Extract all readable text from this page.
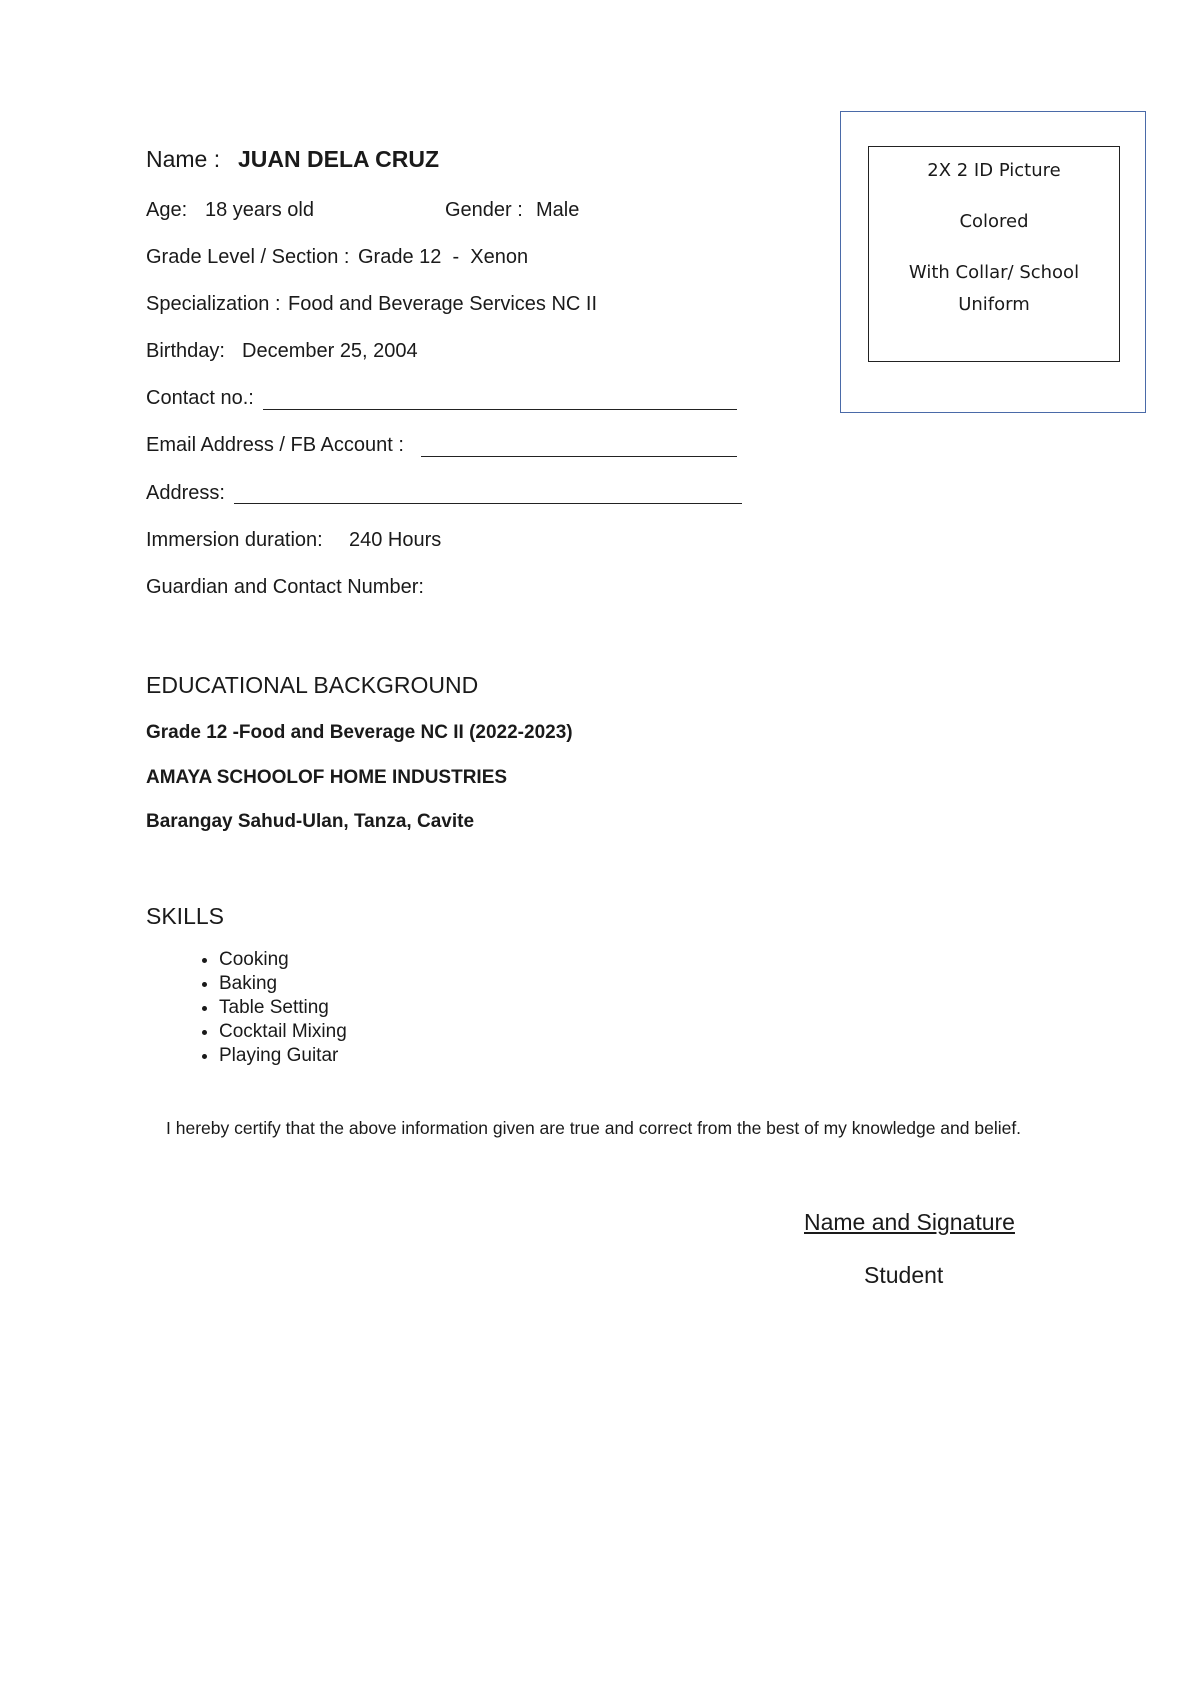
Name : JUAN DELA CRUZ
Age: 18 years old	Gender : Male
Grade Level / Section : Grade 12  -  Xenon
Specialization : Food and Beverage Services NC II
Birthday: December 25, 2004
Contact no.:
Email Address / FB Account :
Address:
Immersion duration: 240 Hours
Guardian and Contact Number:
2X 2 ID Picture
Colored
With Collar/ School
Uniform
EDUCATIONAL BACKGROUND
Grade 12 -Food and Beverage NC II (2022-2023)
AMAYA SCHOOLOF HOME INDUSTRIES
Barangay Sahud-Ulan, Tanza, Cavite
SKILLS
• Cooking
• Baking
• Table Setting
• Cocktail Mixing
• Playing Guitar
I hereby certify that the above information given are true and correct from the best of my knowledge and belief.
Name and Signature
Student
